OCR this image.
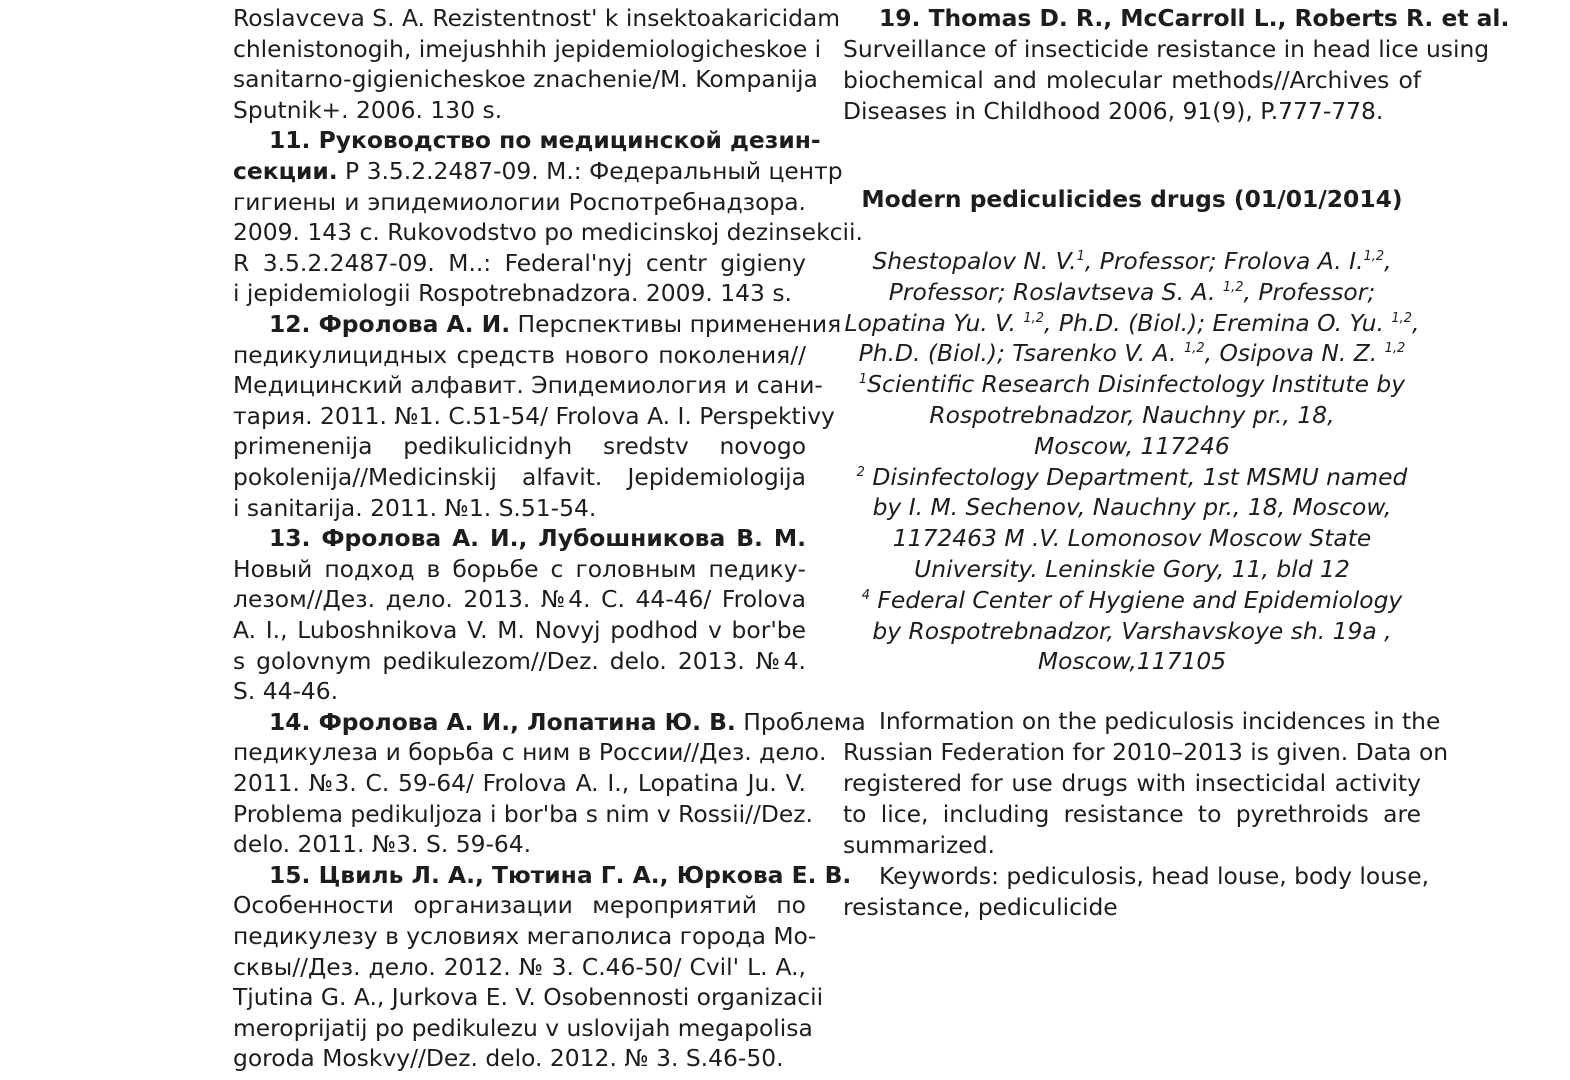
Roslavceva S. A. Rezistentnost' k insektoakaricidam
chlenistonogih, imejushhih jepidemiologicheskoe i
sanitarno-gigienicheskoe znachenie/M. Kompanija
Sputnik+. 2006. 130 s.
11. Руководство по медицинской дезин-
секции. Р 3.5.2.2487-09. М.: Федеральный центр
гигиены и эпидемиологии Роспотребнадзора.
2009. 143 с. Rukovodstvo po medicinskoj dezinsekcii.
R 3.5.2.2487-09. M..: Federal'nyj centr gigieny
i jepidemiologii Rospotrebnadzora. 2009. 143 s.
12. Фролова А. И. Перспективы применения
педикулицидных средств нового поколения//
Медицинский алфавит. Эпидемиология и сани-
тария. 2011. №1. С.51-54/ Frolova A. I. Perspektivy
primenenija pedikulicidnyh sredstv novogo
pokolenija//Medicinskij alfavit. Jepidemiologija
i sanitarija. 2011. №1. S.51-54.
13. Фролова А. И., Лубошникова В. М.
Новый подход в борьбе с головным педику-
лезом//Дез. дело. 2013. №4. С. 44-46/ Frolova
A. I., Luboshnikova V. M. Novyj podhod v bor'be
s golovnym pedikulezom//Dez. delo. 2013. №4.
S. 44-46.
14. Фролова А. И., Лопатина Ю. В. Проблема
педикулеза и борьба с ним в России//Дез. дело.
2011. №3. С. 59-64/ Frolova A. I., Lopatina Ju. V.
Problema pedikuljoza i bor'ba s nim v Rossii//Dez.
delo. 2011. №3. S. 59-64.
15. Цвиль Л. А., Тютина Г. А., Юркова Е. В.
Особенности организации мероприятий по
педикулезу в условиях мегаполиса города Мо-
сквы//Дез. дело. 2012. № 3. С.46-50/ Cvil' L. A.,
Tjutina G. A., Jurkova E. V. Osobennosti organizacii
meroprijatij po pedikulezu v uslovijah megapolisa
goroda Moskvy//Dez. delo. 2012. № 3. S.46-50.
19. Thomas D. R., McCarroll L., Roberts R. et al.
Surveillance of insecticide resistance in head lice using
biochemical and molecular methods//Archives of
Diseases in Childhood 2006, 91(9), P.777-778.
Modern pediculicides drugs (01/01/2014)
Shestopalov N. V.$^1$, Professor; Frolova A. I.$^{1,2}$,
Professor; Roslavtseva S. A. $^{1,2}$, Professor;
Lopatina Yu. V. $^{1,2}$, Ph.D. (Biol.); Eremina O. Yu. $^{1,2}$,
Ph.D. (Biol.); Tsarenko V. A. $^{1,2}$, Osipova N. Z. $^{1,2}$
$^1$Scientific Research Disinfectology Institute by
Rospotrebnadzor, Nauchny pr., 18,
Moscow, 117246
$^2$ Disinfectology Department, 1st MSMU named
by I. M. Sechenov, Nauchny pr., 18, Moscow,
1172463 M .V. Lomonosov Moscow State
University. Leninskie Gory, 11, bld 12
$^4$ Federal Center of Hygiene and Epidemiology
by Rospotrebnadzor, Varshavskoye sh. 19a ,
Moscow,117105
Information on the pediculosis incidences in the
Russian Federation for 2010–2013 is given. Data on
registered for use drugs with insecticidal activity
to lice, including resistance to pyrethroids are
summarized.
Keywords: pediculosis, head louse, body louse,
resistance, pediculicide
